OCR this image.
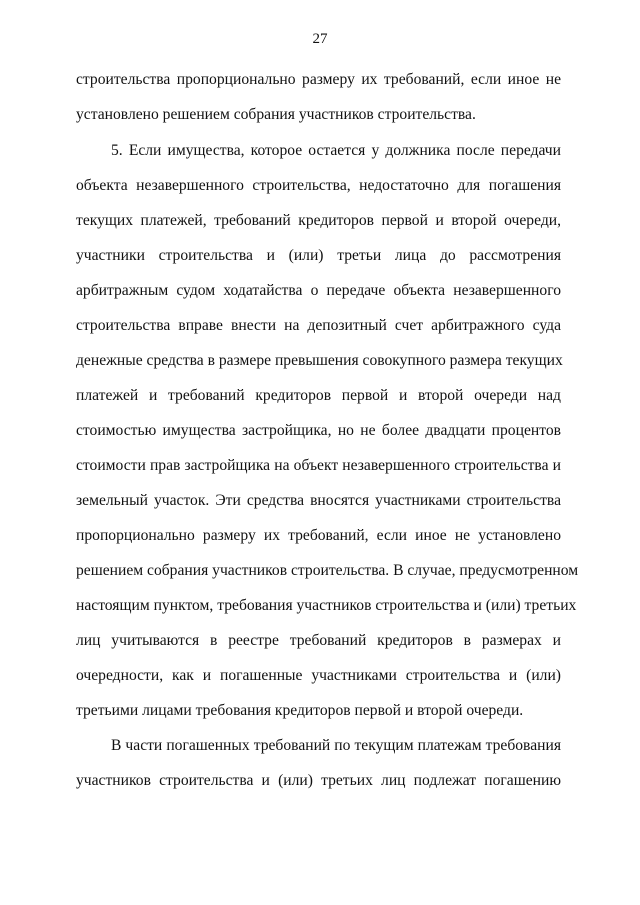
27
строительства пропорционально размеру их требований, если иное не
установлено решением собрания участников строительства.
5. Если имущества, которое остается у должника после передачи
объекта незавершенного строительства, недостаточно для погашения
текущих платежей, требований кредиторов первой и второй очереди,
участники строительства и (или) третьи лица до рассмотрения
арбитражным судом ходатайства о передаче объекта незавершенного
строительства вправе внести на депозитный счет арбитражного суда
денежные средства в размере превышения совокупного размера текущих
платежей и требований кредиторов первой и второй очереди над
стоимостью имущества застройщика, но не более двадцати процентов
стоимости прав застройщика на объект незавершенного строительства и
земельный участок. Эти средства вносятся участниками строительства
пропорционально размеру их требований, если иное не установлено
решением собрания участников строительства. В случае, предусмотренном
настоящим пунктом, требования участников строительства и (или) третьих
лиц учитываются в реестре требований кредиторов в размерах и
очередности, как и погашенные участниками строительства и (или)
третьими лицами требования кредиторов первой и второй очереди.
В части погашенных требований по текущим платежам требования
участников строительства и (или) третьих лиц подлежат погашению
